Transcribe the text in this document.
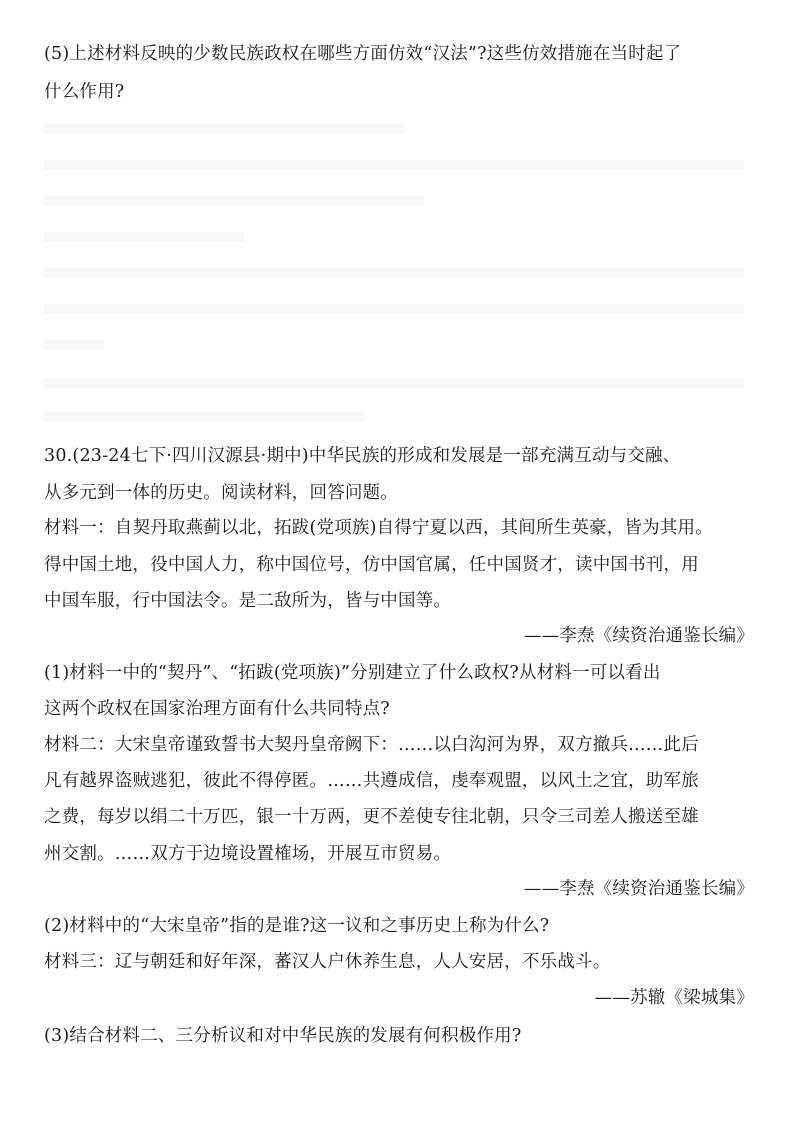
(5)上述材料反映的少数民族政权在哪些方面仿效“汉法”?这些仿效措施在当时起了
什么作用?
30.(23-24七下·四川汉源县·期中)中华民族的形成和发展是一部充满互动与交融、
从多元到一体的历史。阅读材料，回答问题。
材料一：自契丹取燕蓟以北，拓跋(党项族)自得宁夏以西，其间所生英豪，皆为其用。
得中国土地，役中国人力，称中国位号，仿中国官属，任中国贤才，读中国书刊，用
中国车服，行中国法令。是二敌所为，皆与中国等。
——李焘《续资治通鉴长编》
(1)材料一中的“契丹”、“拓跋(党项族)”分别建立了什么政权?从材料一可以看出
这两个政权在国家治理方面有什么共同特点?
材料二：大宋皇帝谨致誓书大契丹皇帝阙下：……以白沟河为界，双方撤兵……此后
凡有越界盗贼逃犯，彼此不得停匿。……共遵成信，虔奉观盟，以风土之宜，助军旅
之费，每岁以绢二十万匹，银一十万两，更不差使专往北朝，只令三司差人搬送至雄
州交割。……双方于边境设置榷场，开展互市贸易。
——李焘《续资治通鉴长编》
(2)材料中的“大宋皇帝”指的是谁?这一议和之事历史上称为什么?
材料三：辽与朝廷和好年深，蕃汉人户休养生息，人人安居，不乐战斗。
——苏辙《梁城集》
(3)结合材料二、三分析议和对中华民族的发展有何积极作用?
